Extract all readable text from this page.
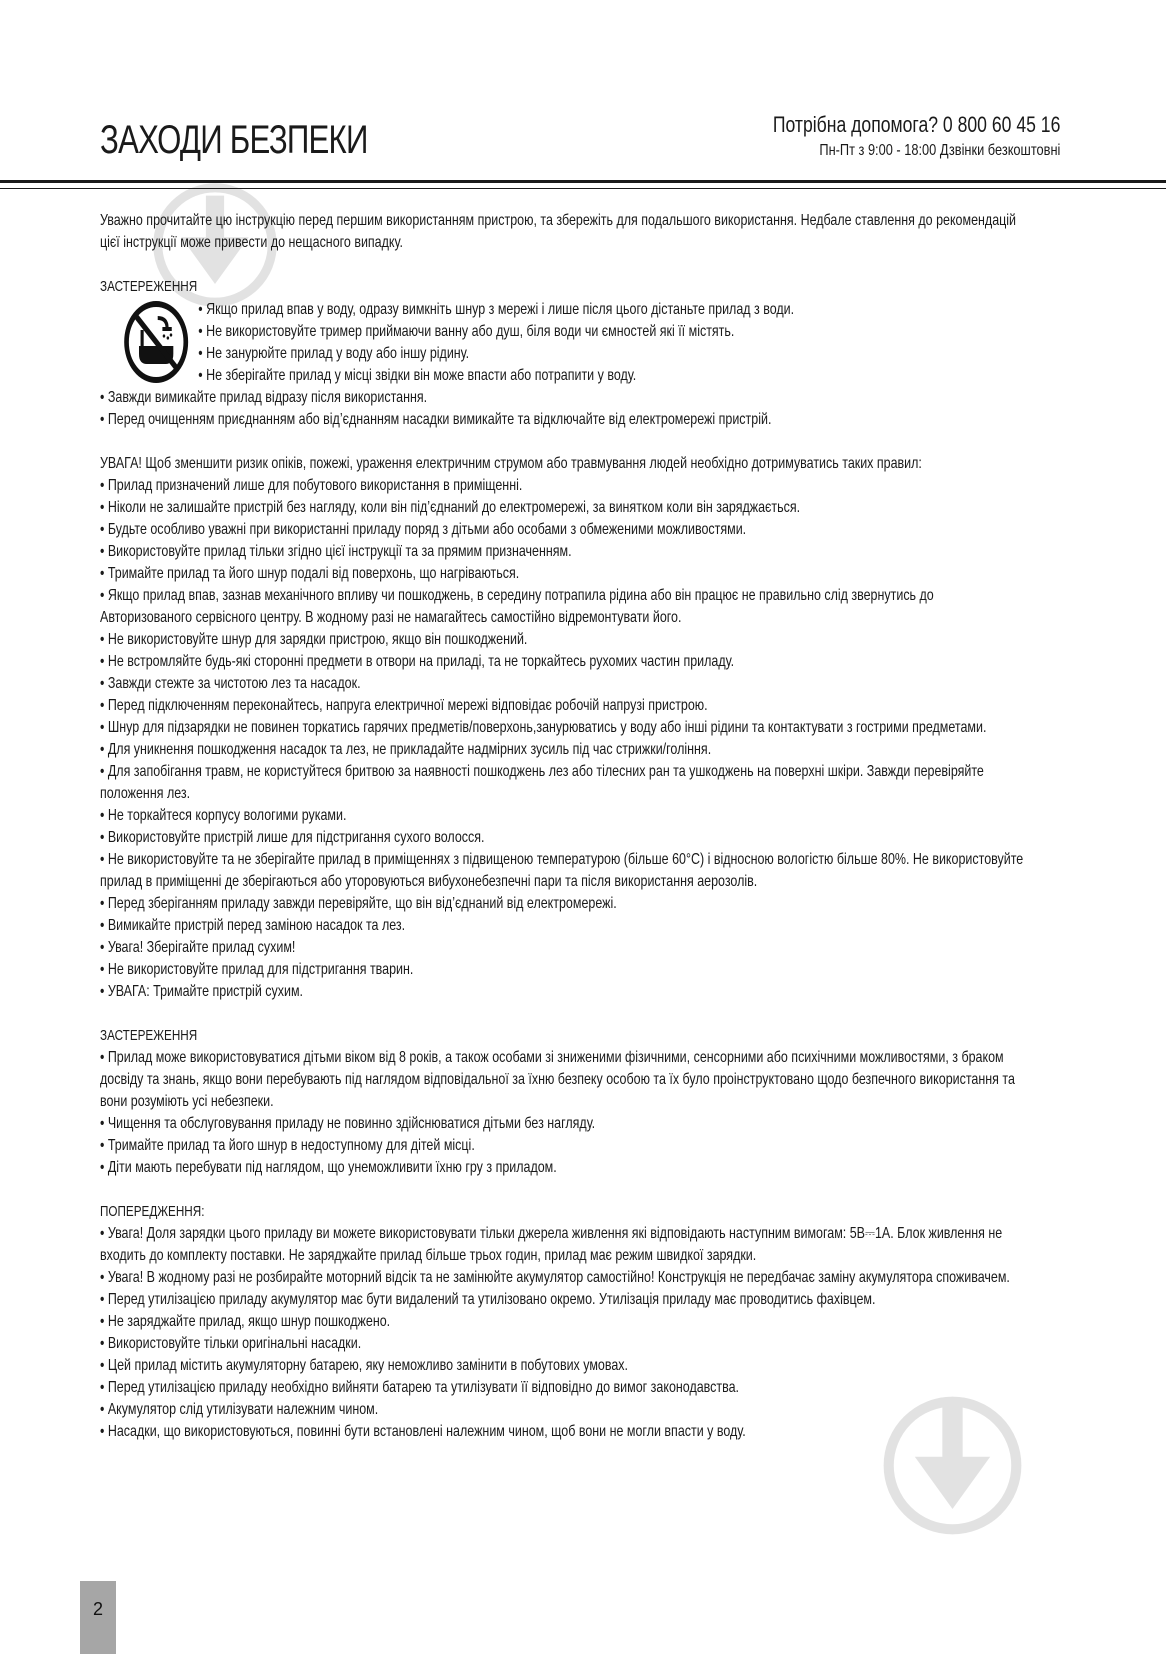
ЗАХОДИ БЕЗПЕКИ	Потрібна допомога? 0 800 60 45 16
Пн-Пт з 9:00 - 18:00 Дзвінки безкоштовні

Уважно прочитайте цю інструкцію перед першим використанням пристрою, та збережіть для подальшого використання. Недбале ставлення до рекомендацій

цієї інструкції може привести до нещасного випадку.

ЗАСТЕРЕЖЕННЯ

• Якщо прилад впав у воду, одразу вимкніть шнур з мережі і лише після цього дістаньте прилад з води.

• Не використовуйте тример приймаючи ванну або душ, біля води чи ємностей які її містять.

• Не занурюйте прилад у воду або іншу рідину.

• Не зберігайте прилад у місці звідки він може впасти або потрапити у воду.

• Завжди вимикайте прилад відразу після використання.

• Перед очищенням приєднанням або від’єднанням насадки вимикайте та відключайте від електромережі пристрій.

УВАГА! Щоб зменшити ризик опіків, пожежі, ураження електричним струмом або травмування людей необхідно дотримуватись таких правил:

• Прилад призначений лише для побутового використання в приміщенні.

• Ніколи не залишайте пристрій без нагляду, коли він під’єднаний до електромережі, за винятком коли він заряджається.

• Будьте особливо уважні при використанні приладу поряд з дітьми або особами з обмеженими можливостями.

• Використовуйте прилад тільки згідно цієї інструкції та за прямим призначенням.

• Тримайте прилад та його шнур подалі від поверхонь, що нагріваються.

• Якщо прилад впав, зазнав механічного впливу чи пошкоджень, в середину потрапила рідина або він працює не правильно слід звернутись до

Авторизованого сервісного центру. В жодному разі не намагайтесь самостійно відремонтувати його.

• Не використовуйте шнур для зарядки пристрою, якщо він пошкоджений.

• Не встромляйте будь-які сторонні предмети в отвори на приладі, та не торкайтесь рухомих частин приладу.

• Завжди стежте за чистотою лез та насадок.

• Перед підключенням переконайтесь, напруга електричної мережі відповідає робочій напрузі пристрою.

• Шнур для підзарядки не повинен торкатись гарячих предметів/поверхонь,занурюватись у воду або інші рідини та контактувати з гострими предметами.

• Для уникнення пошкодження насадок та лез, не прикладайте надмірних зусиль під час стрижки/гоління.

• Для запобігання травм, не користуйтеся бритвою за наявності пошкоджень лез або тілесних ран та ушкоджень на поверхні шкіри. Завжди перевіряйте

положення лез.

• Не торкайтеся корпусу вологими руками.

• Використовуйте пристрій лише для підстригання сухого волосся.

• Не використовуйте та не зберігайте прилад в приміщеннях з підвищеною температурою (більше 60°С) і відносною вологістю більше 80%. Не використовуйте

прилад в приміщенні де зберігаються або уторовуються вибухонебезпечні пари та після використання аерозолів.

• Перед зберіганням приладу завжди перевіряйте, що він від’єднаний від електромережі.

• Вимикайте пристрій перед заміною насадок та лез.

• Увага! Зберігайте прилад сухим!

• Не використовуйте прилад для підстригання тварин.

• УВАГА: Тримайте пристрій сухим.

ЗАСТЕРЕЖЕННЯ

• Прилад може використовуватися дітьми віком від 8 років, а також особами зі зниженими фізичними, сенсорними або психічними можливостями, з браком

досвіду та знань, якщо вони перебувають під наглядом відповідальної за їхню безпеку особою та їх було проінструктовано щодо безпечного використання та

вони розуміють усі небезпеки.

• Чищення та обслуговування приладу не повинно здійснюватися дітьми без нагляду.

• Тримайте прилад та його шнур в недоступному для дітей місці.

• Діти мають перебувати під наглядом, що унеможливити їхню гру з приладом.

ПОПЕРЕДЖЕННЯ:

• Увага! Доля зарядки цього приладу ви можете використовувати тільки джерела живлення які відповідають наступним вимогам: 5В⎓1А. Блок живлення не

входить до комплекту поставки. Не заряджайте прилад більше трьох годин, прилад має режим швидкої зарядки.

• Увага! В жодному разі не розбирайте моторний відсік та не замінюйте акумулятор самостійно! Конструкція не передбачає заміну акумулятора споживачем.

• Перед утилізацією приладу акумулятор має бути видалений та утилізовано окремо. Утилізація приладу має проводитись фахівцем.

• Не заряджайте прилад, якщо шнур пошкоджено.

• Використовуйте тільки оригінальні насадки.

• Цей прилад містить акумуляторну батарею, яку неможливо замінити в побутових умовах.

• Перед утилізацією приладу необхідно вийняти батарею та утилізувати її відповідно до вимог законодавства.

• Акумулятор слід утилізувати належним чином.

• Насадки, що використовуються, повинні бути встановлені належним чином, щоб вони не могли впасти у воду.

2
